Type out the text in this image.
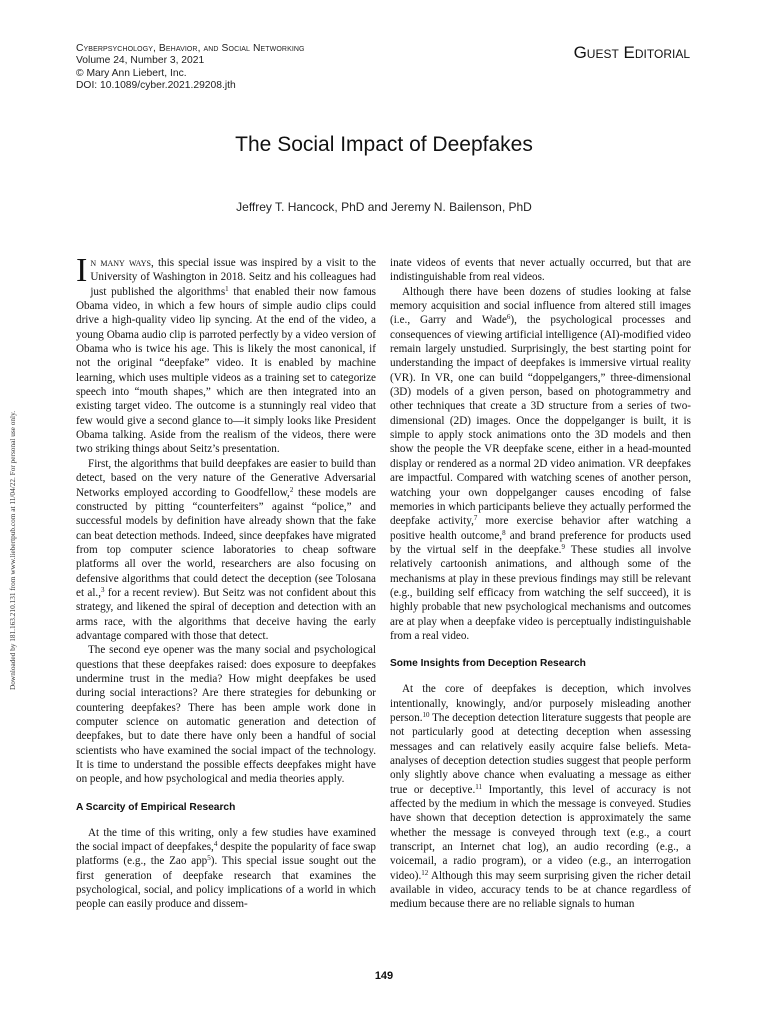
Cyberpsychology, Behavior, and Social Networking
Volume 24, Number 3, 2021
© Mary Ann Liebert, Inc.
DOI: 10.1089/cyber.2021.29208.jth
Guest Editorial
The Social Impact of Deepfakes
Jeffrey T. Hancock, PhD and Jeremy N. Bailenson, PhD
Downloaded by 181.163.210.131 from www.liebertpub.com at 11/04/22. For personal use only.

In many ways, this special issue was inspired by a visit to the University of Washington in 2018. Seitz and his colleagues had just published the algorithms$^1$ that enabled their now famous Obama video, in which a few hours of simple audio clips could drive a high-quality video lip syncing. At the end of the video, a young Obama audio clip is parroted perfectly by a video version of Obama who is twice his age. This is likely the most canonical, if not the original “deepfake” video. It is enabled by machine learning, which uses multiple videos as a training set to categorize speech into “mouth shapes,” which are then integrated into an existing target video. The outcome is a stunningly real video that few would give a second glance to—it simply looks like President Obama talking. Aside from the realism of the videos, there were two striking things about Seitz’s presentation.

First, the algorithms that build deepfakes are easier to build than detect, based on the very nature of the Generative Adversarial Networks employed according to Goodfellow,$^2$ these models are constructed by pitting “counterfeiters” against “police,” and successful models by definition have already shown that the fake can beat detection methods. Indeed, since deepfakes have migrated from top computer science laboratories to cheap software platforms all over the world, researchers are also focusing on defensive algorithms that could detect the deception (see Tolosana et al.,$^3$ for a recent review). But Seitz was not confident about this strategy, and likened the spiral of deception and detection with an arms race, with the algorithms that deceive having the early advantage compared with those that detect.

The second eye opener was the many social and psychological questions that these deepfakes raised: does exposure to deepfakes undermine trust in the media? How might deepfakes be used during social interactions? Are there strategies for debunking or countering deepfakes? There has been ample work done in computer science on automatic generation and detection of deepfakes, but to date there have only been a handful of social scientists who have examined the social impact of the technology. It is time to understand the possible effects deepfakes might have on people, and how psychological and media theories apply.

A Scarcity of Empirical Research

At the time of this writing, only a few studies have examined the social impact of deepfakes,$^4$ despite the popularity of face swap platforms (e.g., the Zao app$^5$). This special issue sought out the first generation of deepfake research that examines the psychological, social, and policy implications of a world in which people can easily produce and dissem-

inate videos of events that never actually occurred, but that are indistinguishable from real videos.

Although there have been dozens of studies looking at false memory acquisition and social influence from altered still images (i.e., Garry and Wade$^6$), the psychological processes and consequences of viewing artificial intelligence (AI)-modified video remain largely unstudied. Surprisingly, the best starting point for understanding the impact of deepfakes is immersive virtual reality (VR). In VR, one can build “doppelgangers,” three-dimensional (3D) models of a given person, based on photogrammetry and other techniques that create a 3D structure from a series of two-dimensional (2D) images. Once the doppelganger is built, it is simple to apply stock animations onto the 3D models and then show the people the VR deepfake scene, either in a head-mounted display or rendered as a normal 2D video animation. VR deepfakes are impactful. Compared with watching scenes of another person, watching your own doppelganger causes encoding of false memories in which participants believe they actually performed the deepfake activity,$^7$ more exercise behavior after watching a positive health outcome,$^8$ and brand preference for products used by the virtual self in the deepfake.$^9$ These studies all involve relatively cartoonish animations, and although some of the mechanisms at play in these previous findings may still be relevant (e.g., building self efficacy from watching the self succeed), it is highly probable that new psychological mechanisms and outcomes are at play when a deepfake video is perceptually indistinguishable from a real video.

Some Insights from Deception Research

At the core of deepfakes is deception, which involves intentionally, knowingly, and/or purposely misleading another person.$^{10}$ The deception detection literature suggests that people are not particularly good at detecting deception when assessing messages and can relatively easily acquire false beliefs. Meta-analyses of deception detection studies suggest that people perform only slightly above chance when evaluating a message as either true or deceptive.$^{11}$ Importantly, this level of accuracy is not affected by the medium in which the message is conveyed. Studies have shown that deception detection is approximately the same whether the message is conveyed through text (e.g., a court transcript, an Internet chat log), an audio recording (e.g., a voicemail, a radio program), or a video (e.g., an interrogation video).$^{12}$ Although this may seem surprising given the richer detail available in video, accuracy tends to be at chance regardless of medium because there are no reliable signals to human

149
